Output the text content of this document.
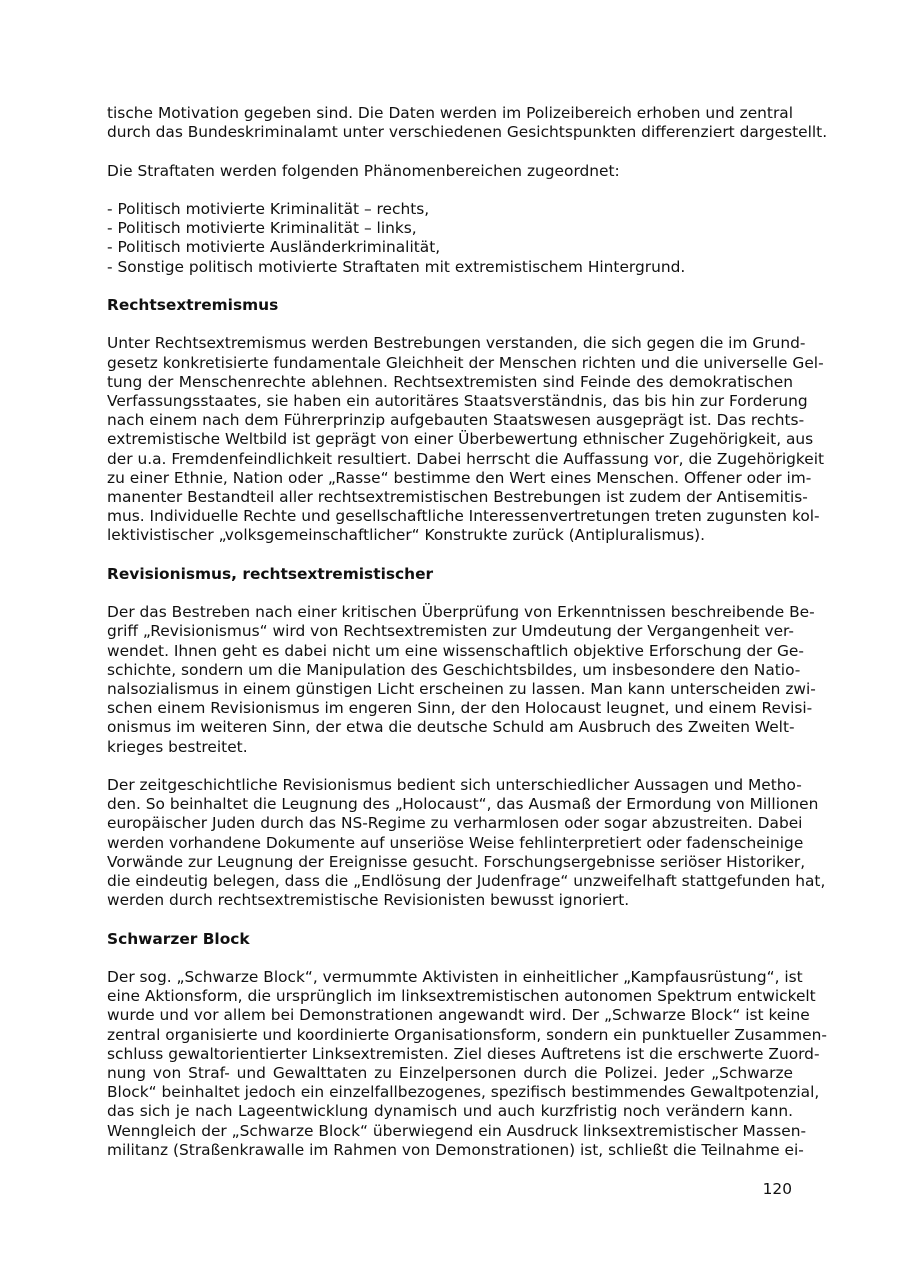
tische Motivation gegeben sind. Die Daten werden im Polizeibereich erhoben und zentral
durch das Bundeskriminalamt unter verschiedenen Gesichtspunkten differenziert dargestellt.
Die Straftaten werden folgenden Phänomenbereichen zugeordnet:
- Politisch motivierte Kriminalität – rechts,
- Politisch motivierte Kriminalität – links,
- Politisch motivierte Ausländerkriminalität,
- Sonstige politisch motivierte Straftaten mit extremistischem Hintergrund.
Rechtsextremismus
Unter Rechtsextremismus werden Bestrebungen verstanden, die sich gegen die im Grund-
gesetz konkretisierte fundamentale Gleichheit der Menschen richten und die universelle Gel-
tung der Menschenrechte ablehnen. Rechtsextremisten sind Feinde des demokratischen
Verfassungsstaates, sie haben ein autoritäres Staatsverständnis, das bis hin zur Forderung
nach einem nach dem Führerprinzip aufgebauten Staatswesen ausgeprägt ist. Das rechts-
extremistische Weltbild ist geprägt von einer Überbewertung ethnischer Zugehörigkeit, aus
der u.a. Fremdenfeindlichkeit resultiert. Dabei herrscht die Auffassung vor, die Zugehörigkeit
zu einer Ethnie, Nation oder „Rasse“ bestimme den Wert eines Menschen. Offener oder im-
manenter Bestandteil aller rechtsextremistischen Bestrebungen ist zudem der Antisemitis-
mus. Individuelle Rechte und gesellschaftliche Interessenvertretungen treten zugunsten kol-
lektivistischer „volksgemeinschaftlicher“ Konstrukte zurück (Antipluralismus).
Revisionismus, rechtsextremistischer
Der das Bestreben nach einer kritischen Überprüfung von Erkenntnissen beschreibende Be-
griff „Revisionismus“ wird von Rechtsextremisten zur Umdeutung der Vergangenheit ver-
wendet. Ihnen geht es dabei nicht um eine wissenschaftlich objektive Erforschung der Ge-
schichte, sondern um die Manipulation des Geschichtsbildes, um insbesondere den Natio-
nalsozialismus in einem günstigen Licht erscheinen zu lassen. Man kann unterscheiden zwi-
schen einem Revisionismus im engeren Sinn, der den Holocaust leugnet, und einem Revisi-
onismus im weiteren Sinn, der etwa die deutsche Schuld am Ausbruch des Zweiten Welt-
krieges bestreitet.
Der zeitgeschichtliche Revisionismus bedient sich unterschiedlicher Aussagen und Metho-
den. So beinhaltet die Leugnung des „Holocaust“, das Ausmaß der Ermordung von Millionen
europäischer Juden durch das NS-Regime zu verharmlosen oder sogar abzustreiten. Dabei
werden vorhandene Dokumente auf unseriöse Weise fehlinterpretiert oder fadenscheinige
Vorwände zur Leugnung der Ereignisse gesucht. Forschungsergebnisse seriöser Historiker,
die eindeutig belegen, dass die „Endlösung der Judenfrage“ unzweifelhaft stattgefunden hat,
werden durch rechtsextremistische Revisionisten bewusst ignoriert.
Schwarzer Block
Der sog. „Schwarze Block“, vermummte Aktivisten in einheitlicher „Kampfausrüstung“, ist
eine Aktionsform, die ursprünglich im linksextremistischen autonomen Spektrum entwickelt
wurde und vor allem bei Demonstrationen angewandt wird. Der „Schwarze Block“ ist keine
zentral organisierte und koordinierte Organisationsform, sondern ein punktueller Zusammen-
schluss gewaltorientierter Linksextremisten. Ziel dieses Auftretens ist die erschwerte Zuord-
nung von Straf- und Gewalttaten zu Einzelpersonen durch die Polizei. Jeder „Schwarze
Block“ beinhaltet jedoch ein einzelfallbezogenes, spezifisch bestimmendes Gewaltpotenzial,
das sich je nach Lageentwicklung dynamisch und auch kurzfristig noch verändern kann.
Wenngleich der „Schwarze Block“ überwiegend ein Ausdruck linksextremistischer Massen-
militanz (Straßenkrawalle im Rahmen von Demonstrationen) ist, schließt die Teilnahme ei-
120
